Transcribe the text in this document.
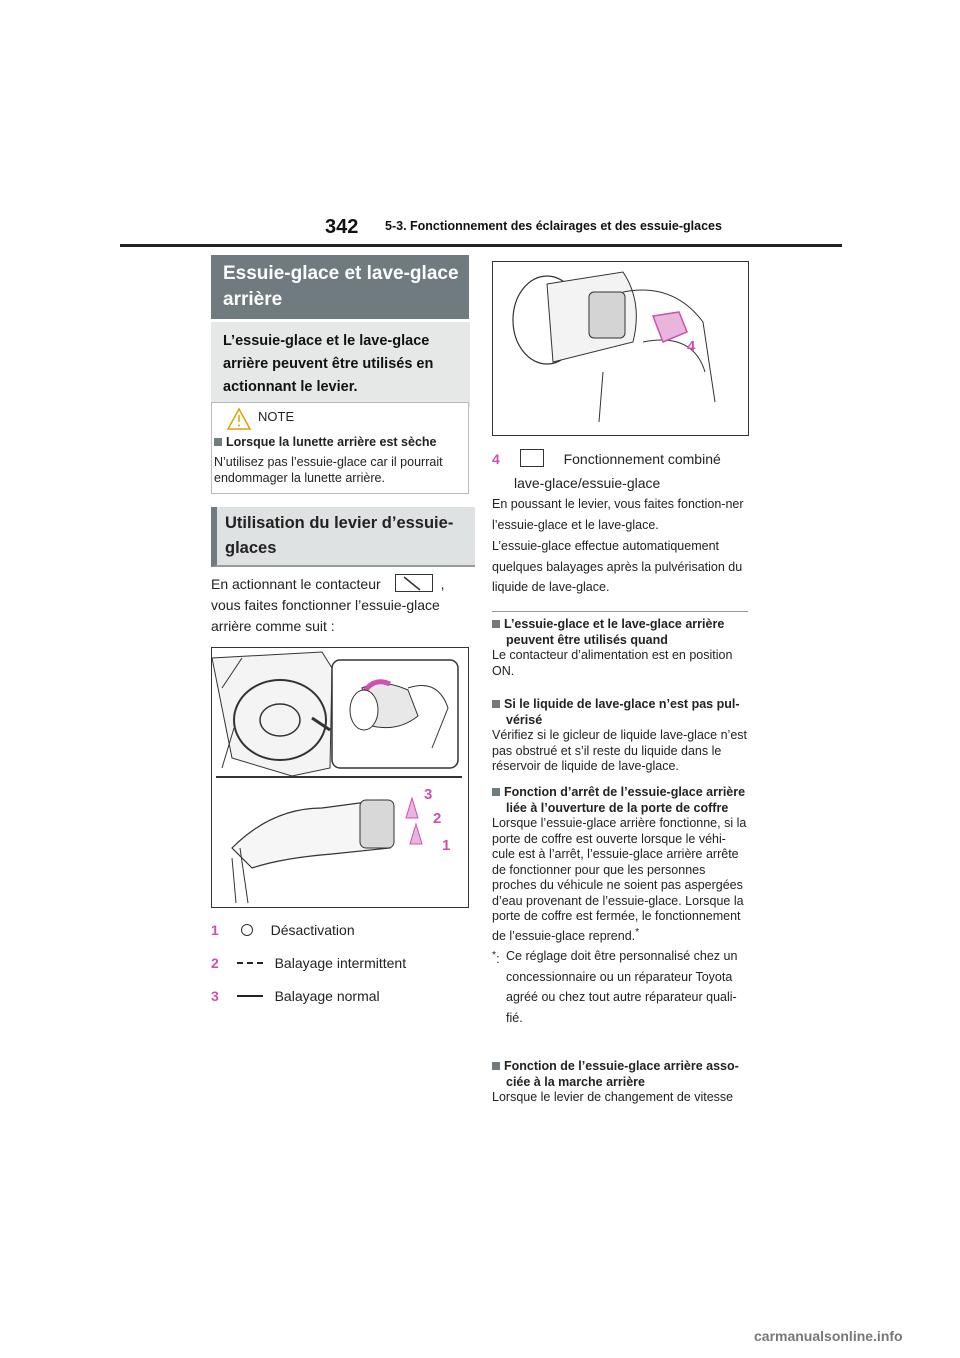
342 5-3. Fonctionnement des éclairages et des essuie-glaces
Essuie-glace et lave-glace arrière
L’essuie-glace et le lave-glace arrière peuvent être utilisés en actionnant le levier.
NOTE
Lorsque la lunette arrière est sèche
N’utilisez pas l’essuie-glace car il pourrait endommager la lunette arrière.
Utilisation du levier d’essuie-glaces
En actionnant le contacteur	,
vous faites fonctionner l’essuie-glace
arrière comme suit :
3
2
1
1	Désactivation
2	Balayage intermittent
3	Balayage normal
4
4	Fonctionnement combiné
lave-glace/essuie-glace
En poussant le levier, vous faites fonction-ner l’essuie-glace et le lave-glace.
L’essuie-glace effectue automatiquement quelques balayages après la pulvérisation du liquide de lave-glace.
L’essuie-glace et le lave-glace arrière peuvent être utilisés quand
Le contacteur d’alimentation est en position ON.
Si le liquide de lave-glace n’est pas pul-vérisé
Vérifiez si le gicleur de liquide lave-glace n’est pas obstrué et s’il reste du liquide dans le réservoir de liquide de lave-glace.
Fonction d’arrêt de l’essuie-glace arrière liée à l’ouverture de la porte de coffre
Lorsque l’essuie-glace arrière fonctionne, si la porte de coffre est ouverte lorsque le véhi-cule est à l’arrêt, l’essuie-glace arrière arrête de fonctionner pour que les personnes proches du véhicule ne soient pas aspergées d’eau provenant de l’essuie-glace. Lorsque la porte de coffre est fermée, le fonctionnement de l’essuie-glace reprend.*
*: Ce réglage doit être personnalisé chez un concessionnaire ou un réparateur Toyota agréé ou chez tout autre réparateur quali-fié.
Fonction de l’essuie-glace arrière asso-ciée à la marche arrière
Lorsque le levier de changement de vitesse
carmanualsonline.info
